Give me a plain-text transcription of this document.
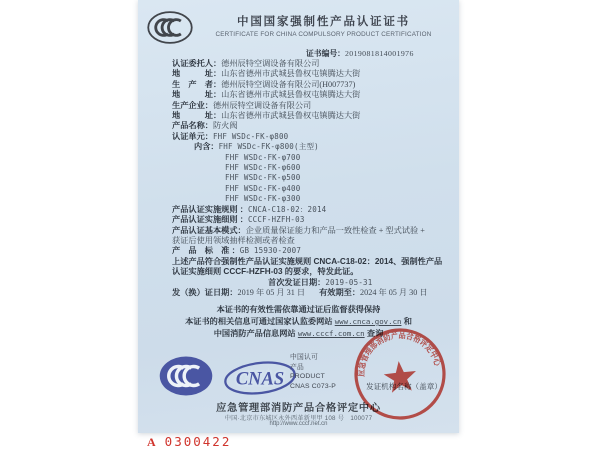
中国国家强制性产品认证证书
CERTIFICATE FOR CHINA COMPULSORY PRODUCT CERTIFICATION
证书编号：2019081814001976
认证委托人：德州辰特空调设备有限公司
地　　　址：山东省德州市武城县鲁权屯镇腾达大街
生　产　者：德州辰特空调设备有限公司(H007737)
地　　　址：山东省德州市武城县鲁权屯镇腾达大街
生产企业：德州辰特空调设备有限公司
地　　　址：山东省德州市武城县鲁权屯镇腾达大街
产品名称：防火阀
认证单元：FHF WSDc-FK-φ800
内含：FHF WSDc-FK-φ800(主型)
FHF WSDc-FK-φ700
FHF WSDc-FK-φ600
FHF WSDc-FK-φ500
FHF WSDc-FK-φ400
FHF WSDc-FK-φ300
产品认证实施规则 ：CNCA-C18-02：2014
产品认证实施细则 ：CCCF-HZFH-03
产品认证基本模式：企业质量保证能力和产品一致性检查 + 型式试验 +
获证后使用领域抽样检测或者检查
产　品　标　准 ：GB 15930-2007
上述产品符合强制性产品认证实施规则 CNCA-C18-02：2014、强制性产品
认证实施细则 CCCF-HZFH-03 的要求，特发此证。
首次发证日期：2019-05-31
发（换）证日期：2019 年 05 月 31 日 有效期至：2024 年 05 月 30 日
本证书的有效性需依靠通过证后监督获得保持
本证书的相关信息可通过国家认监委网站 www.cnca.gov.cn 和
中国消防产品信息网站 www.cccf.com.cn 查询
CNAS
中国认可
产品
PRODUCT
CNAS C073-P	发证机构名称（盖章）
应急管理部消防产品合格评定中心
应急管理部消防产品合格评定中心
中国·北京市东城区永外西革新里甲 108 号　100077
http://www.cccf.net.cn
A 0300422
